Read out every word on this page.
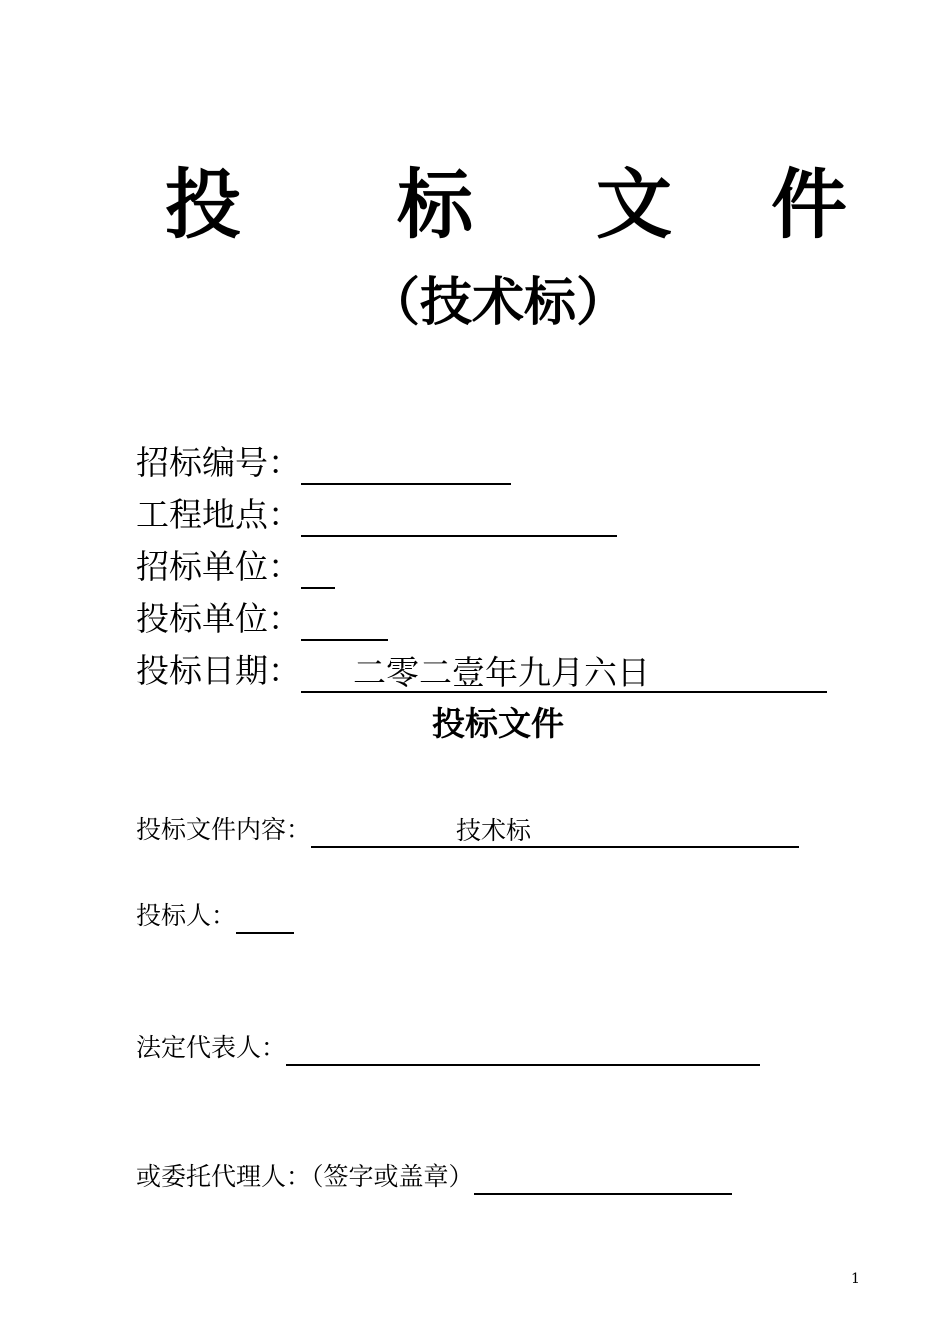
投 标 文 件
（技术标）
招标编号：
工程地点：
招标单位：
投标单位：
投标日期： 二零二壹年九月六日
投标文件
投标文件内容：	技术标
投标人：
法定代表人：
或委托代理人：（签字或盖章）
1
